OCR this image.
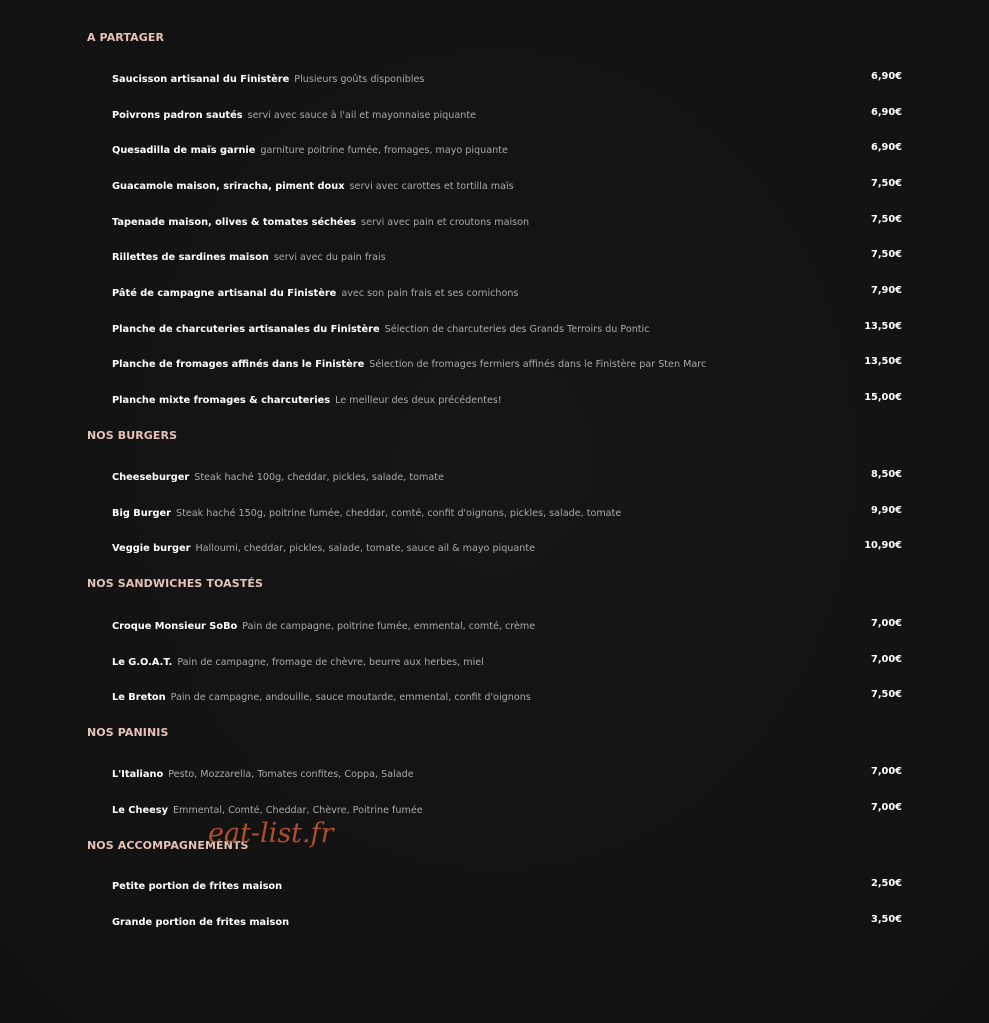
A PARTAGER
Saucisson artisanal du Finistère Plusieurs goûts disponibles	6,90€
Poivrons padron sautés servi avec sauce à l'ail et mayonnaise piquante	6,90€
Quesadilla de maïs garnie garniture poitrine fumée, fromages, mayo piquante	6,90€
Guacamole maison, sriracha, piment doux servi avec carottes et tortilla maïs	7,50€
Tapenade maison, olives & tomates séchées servi avec pain et croutons maison	7,50€
Rillettes de sardines maison servi avec du pain frais	7,50€
Pâté de campagne artisanal du Finistère avec son pain frais et ses cornichons	7,90€
Planche de charcuteries artisanales du Finistère Sélection de charcuteries des Grands Terroirs du Pontic	13,50€
Planche de fromages affinés dans le Finistère Sélection de fromages fermiers affinés dans le Finistère par Sten Marc	13,50€
Planche mixte fromages & charcuteries Le meilleur des deux précédentes!	15,00€
NOS BURGERS
Cheeseburger Steak haché 100g, cheddar, pickles, salade, tomate	8,50€
Big Burger Steak haché 150g, poitrine fumée, cheddar, comté, confit d'oignons, pickles, salade, tomate	9,90€
Veggie burger Halloumi, cheddar, pickles, salade, tomate, sauce ail & mayo piquante	10,90€
NOS SANDWICHES TOASTÉS
Croque Monsieur SoBo Pain de campagne, poitrine fumée, emmental, comté, crème	7,00€
Le G.O.A.T. Pain de campagne, fromage de chèvre, beurre aux herbes, miel	7,00€
Le Breton Pain de campagne, andouille, sauce moutarde, emmental, confit d'oignons	7,50€
NOS PANINIS
L'Italiano Pesto, Mozzarella, Tomates confites, Coppa, Salade	7,00€
Le Cheesy Emmental, Comté, Cheddar, Chèvre, Poitrine fumée	7,00€
NOS ACCOMPAGNEMENTS
Petite portion de frites maison	2,50€
Grande portion de frites maison	3,50€
eat-list.fr
